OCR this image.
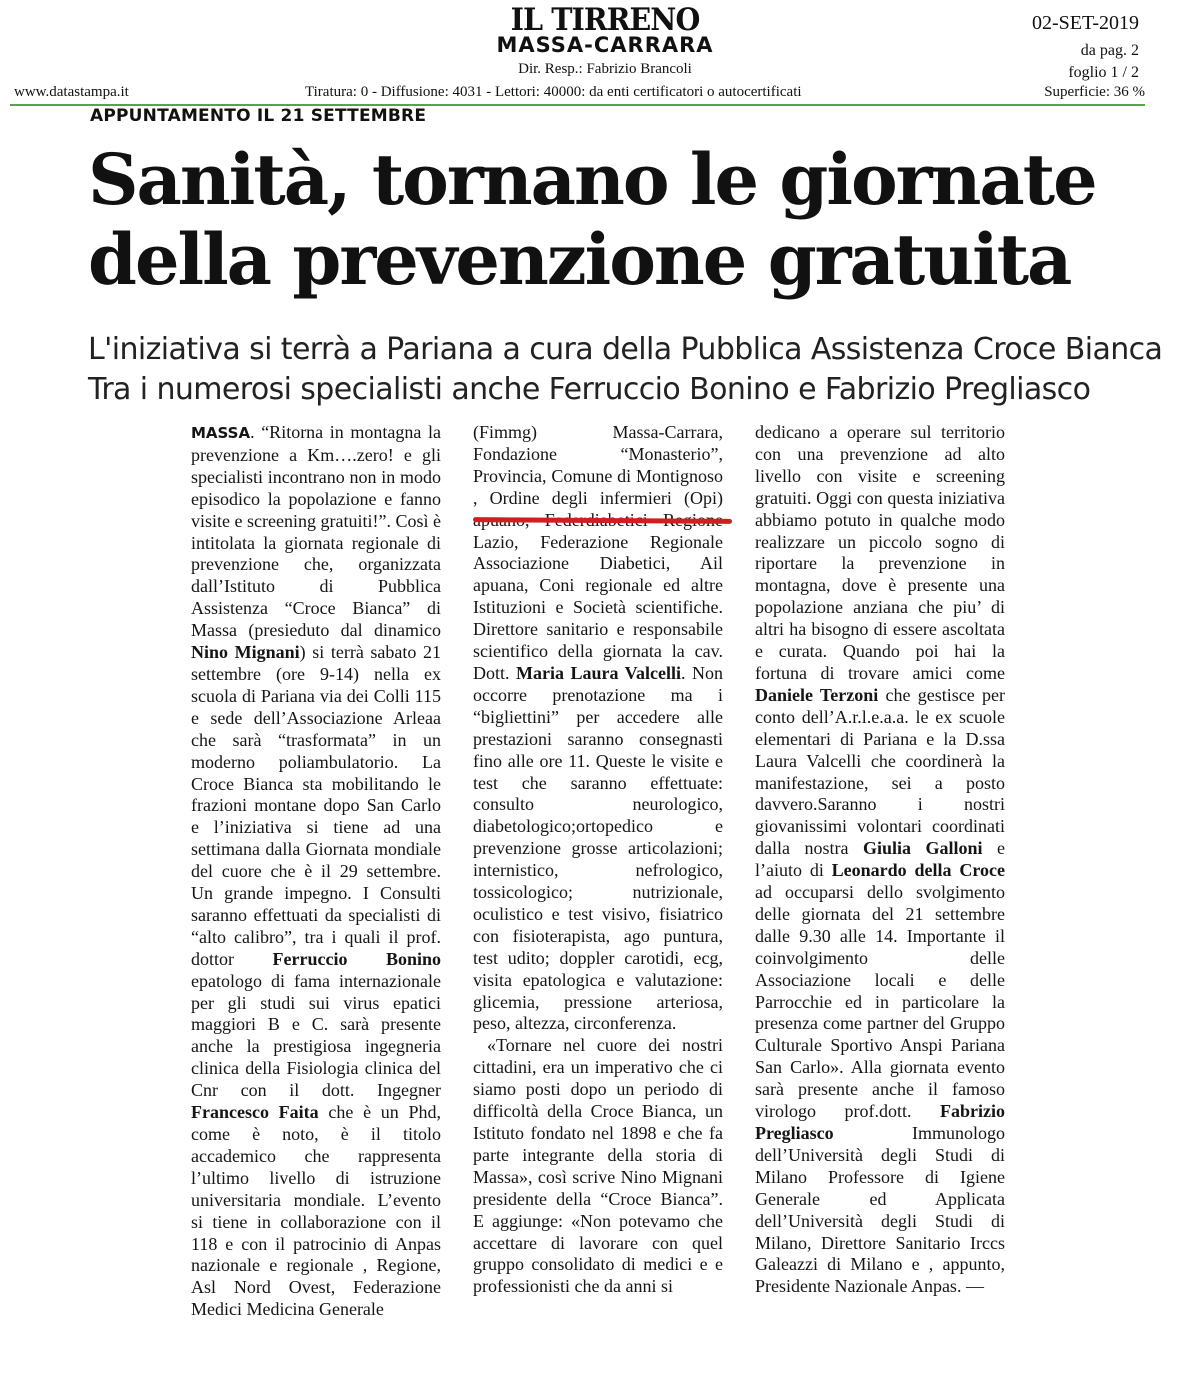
IL TIRRENO
MASSA-CARRARA
Dir. Resp.: Fabrizio Brancoli
02-SET-2019
da pag. 2
foglio 1 / 2
www.datastampa.it	Tiratura: 0 - Diffusione: 4031 - Lettori: 40000: da enti certificatori o autocertificati	Superficie: 36 %
APPUNTAMENTO IL 21 SETTEMBRE
Sanità, tornano le giornate
della prevenzione gratuita
L'iniziativa si terrà a Pariana a cura della Pubblica Assistenza Croce Bianca
Tra i numerosi specialisti anche Ferruccio Bonino e Fabrizio Pregliasco

MASSA. “Ritorna in montagna la prevenzione a Km….zero! e gli specialisti incontrano non in modo episodico la popolazione e fanno visite e screening gratuiti!”. Così è intitolata la giornata regionale di prevenzione che, organizzata dall’Istituto di Pubblica Assistenza “Croce Bianca” di Massa (presieduto dal dinamico Nino Mignani) si terrà sabato 21 settembre (ore 9-14) nella ex scuola di Pariana via dei Colli 115 e sede dell’Associazione Arleaa che sarà “trasformata” in un moderno poliambulatorio. La Croce Bianca sta mobilitando le frazioni montane dopo San Carlo e l’iniziativa si tiene ad una settimana dalla Giornata mondiale del cuore che è il 29 settembre. Un grande impegno. I Consulti saranno effettuati da specialisti di “alto calibro”, tra i quali il prof. dottor Ferruccio Bonino epatologo di fama internazionale per gli studi sui virus epatici maggiori B e C. sarà presente anche la prestigiosa ingegneria clinica della Fisiologia clinica del Cnr con il dott. Ingegner Francesco Faita che è un Phd, come è noto, è il titolo accademico che rappresenta l’ultimo livello di istruzione universitaria mondiale. L’evento si tiene in collaborazione con il 118 e con il patrocinio di Anpas nazionale e regionale , Regione, Asl Nord Ovest, Federazione Medici Medicina Generale

(Fimmg) Massa-Carrara, Fondazione “Monasterio”, Provincia, Comune di Montignoso , Ordine degli infermieri (Opi) Lazio, Federazione Regionale Associazione Diabetici, Ail apuana, Coni regionale ed altre Istituzioni e Società scientifiche. Direttore sanitario e responsabile scientifico della giornata la cav. Dott. Maria Laura Valcelli. Non occorre prenotazione ma i “bigliettini” per accedere alle prestazioni saranno consegnasti fino alle ore 11. Queste le visite e test che saranno effettuate: consulto neurologico, diabetologico;ortopedico e prevenzione grosse articolazioni; internistico, nefrologico, tossicologico; nutrizionale, oculistico e test visivo, fisiatrico con fisioterapista, ago puntura, test udito; doppler carotidi, ecg, visita epatologica e valutazione: glicemia, pressione arteriosa, peso, altezza, circonferenza.

«Tornare nel cuore dei nostri cittadini, era un imperativo che ci siamo posti dopo un periodo di difficoltà della Croce Bianca, un Istituto fondato nel 1898 e che fa parte integrante della storia di Massa», così scrive Nino Mignani presidente della “Croce Bianca”. E aggiunge: «Non potevamo che accettare di lavorare con quel gruppo consolidato di medici e e professionisti che da anni si

dedicano a operare sul territorio con una prevenzione ad alto livello con visite e screening gratuiti. Oggi con questa iniziativa abbiamo potuto in qualche modo realizzare un piccolo sogno di riportare la prevenzione in montagna, dove è presente una popolazione anziana che piu’ di altri ha bisogno di essere ascoltata e curata. Quando poi hai la fortuna di trovare amici come Daniele Terzoni che gestisce per conto dell’A.r.l.e.a.a. le ex scuole elementari di Pariana e la D.ssa Laura Valcelli che coordinerà la manifestazione, sei a posto davvero.Saranno i nostri giovanissimi volontari coordinati dalla nostra Giulia Galloni e l’aiuto di Leonardo della Croce ad occuparsi dello svolgimento delle giornata del 21 settembre dalle 9.30 alle 14. Importante il coinvolgimento delle Associazione locali e delle Parrocchie ed in particolare la presenza come partner del Gruppo Culturale Sportivo Anspi Pariana San Carlo». Alla giornata evento sarà presente anche il famoso virologo prof.dott. Fabrizio Pregliasco Immunologo dell’Università degli Studi di Milano Professore di Igiene Generale ed Applicata dell’Università degli Studi di Milano, Direttore Sanitario Irccs Galeazzi di Milano e , appunto, Presidente Nazionale Anpas. —
